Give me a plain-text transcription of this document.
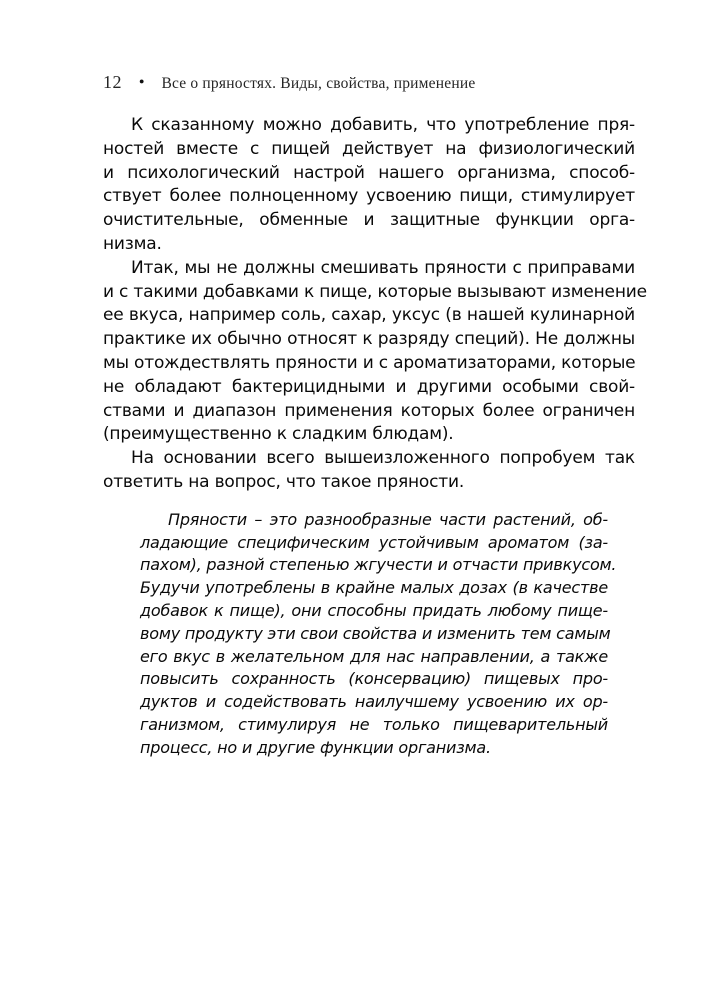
12 ● Все о пряностях. Виды, свойства, применение
К сказанному можно добавить, что употребление пря-
ностей вместе с пищей действует на физиологический
и психологический настрой нашего организма, способ-
ствует более полноценному усвоению пищи, стимулирует
очистительные, обменные и защитные функции орга-
низма.
Итак, мы не должны смешивать пряности с приправами
и с такими добавками к пище, которые вызывают изменение
ее вкуса, например соль, сахар, уксус (в нашей кулинарной
практике их обычно относят к разряду специй). Не должны
мы отождествлять пряности и с ароматизаторами, которые
не обладают бактерицидными и другими особыми свой-
ствами и диапазон применения которых более ограничен
(преимущественно к сладким блюдам).
На основании всего вышеизложенного попробуем так
ответить на вопрос, что такое пряности.
Пряности – это разнообразные части растений, об-
ладающие специфическим устойчивым ароматом (за-
пахом), разной степенью жгучести и отчасти привкусом.
Будучи употреблены в крайне малых дозах (в качестве
добавок к пище), они способны придать любому пище-
вому продукту эти свои свойства и изменить тем самым
его вкус в желательном для нас направлении, а также
повысить сохранность (консервацию) пищевых про-
дуктов и содействовать наилучшему усвоению их ор-
ганизмом, стимулируя не только пищеварительный
процесс, но и другие функции организма.
